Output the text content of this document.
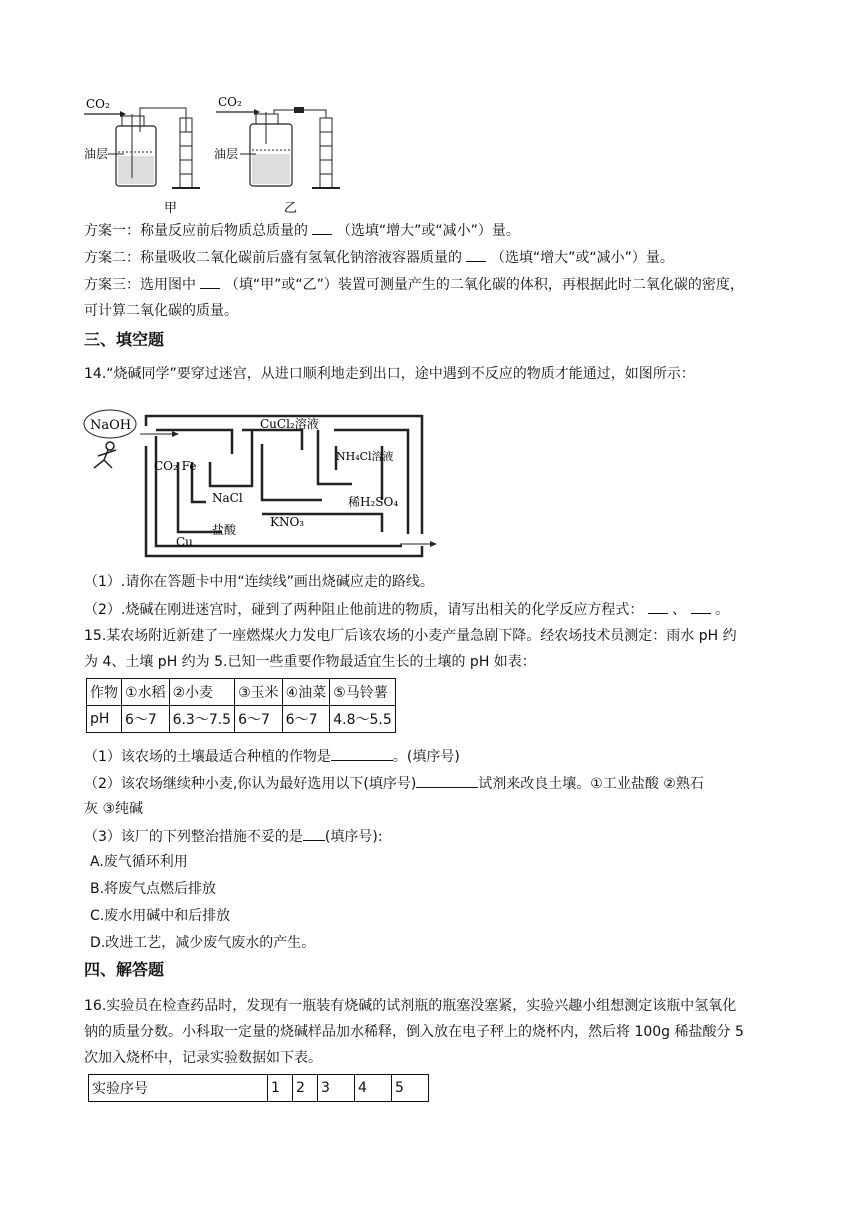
CO₂
油层
甲
CO₂
油层
乙
方案一：称量反应前后物质总质量的 （选填“增大”或“减小”）量。
方案二：称量吸收二氧化碳前后盛有氢氧化钠溶液容器质量的 （选填“增大”或“减小”）量。
方案三：选用图中 （填“甲”或“乙”）装置可测量产生的二氧化碳的体积，再根据此时二氧化碳的密度，
可计算二氧化碳的质量。
三、填空题
14.“烧碱同学”要穿过迷宫，从进口顺利地走到出口，途中遇到不反应的物质才能通过，如图所示：
NaOH	CuCl₂溶液
NH₄Cl溶液
CO₂ Fe
NaCl	稀H₂SO₄
KNO₃
盐酸
Cu
（1）.请你在答题卡中用“连续线”画出烧碱应走的路线。
（2）.烧碱在刚进迷宫时，碰到了两种阻止他前进的物质，请写出相关的化学反应方程式： 、 。
15.某农场附近新建了一座燃煤火力发电厂后该农场的小麦产量急剧下降。经农场技术员测定：雨水 pH 约
为 4、土壤 pH 约为 5.已知一些重要作物最适宜生长的土壤的 pH 如表：
作物	①水稻	②小麦	③玉米	④油菜	⑤马铃薯
pH	6～7	6.3～7.5	6～7	6～7	4.8～5.5
（1）该农场的土壤最适合种植的作物是	。(填序号)
（2）该农场继续种小麦,你认为最好选用以下(填序号)	试剂来改良土壤。①工业盐酸 ②熟石
灰 ③纯碱
（3）该厂的下列整治措施不妥的是 (填序号):
A.废气循环利用
B.将废气点燃后排放
C.废水用碱中和后排放
D.改进工艺，减少废气废水的产生。
四、解答题
16.实验员在检查药品时，发现有一瓶装有烧碱的试剂瓶的瓶塞没塞紧，实验兴趣小组想测定该瓶中氢氧化
钠的质量分数。小科取一定量的烧碱样品加水稀释，倒入放在电子秤上的烧杯内，然后将 100g 稀盐酸分 5
次加入烧杯中，记录实验数据如下表。
实验序号	1	2	3	4	5
